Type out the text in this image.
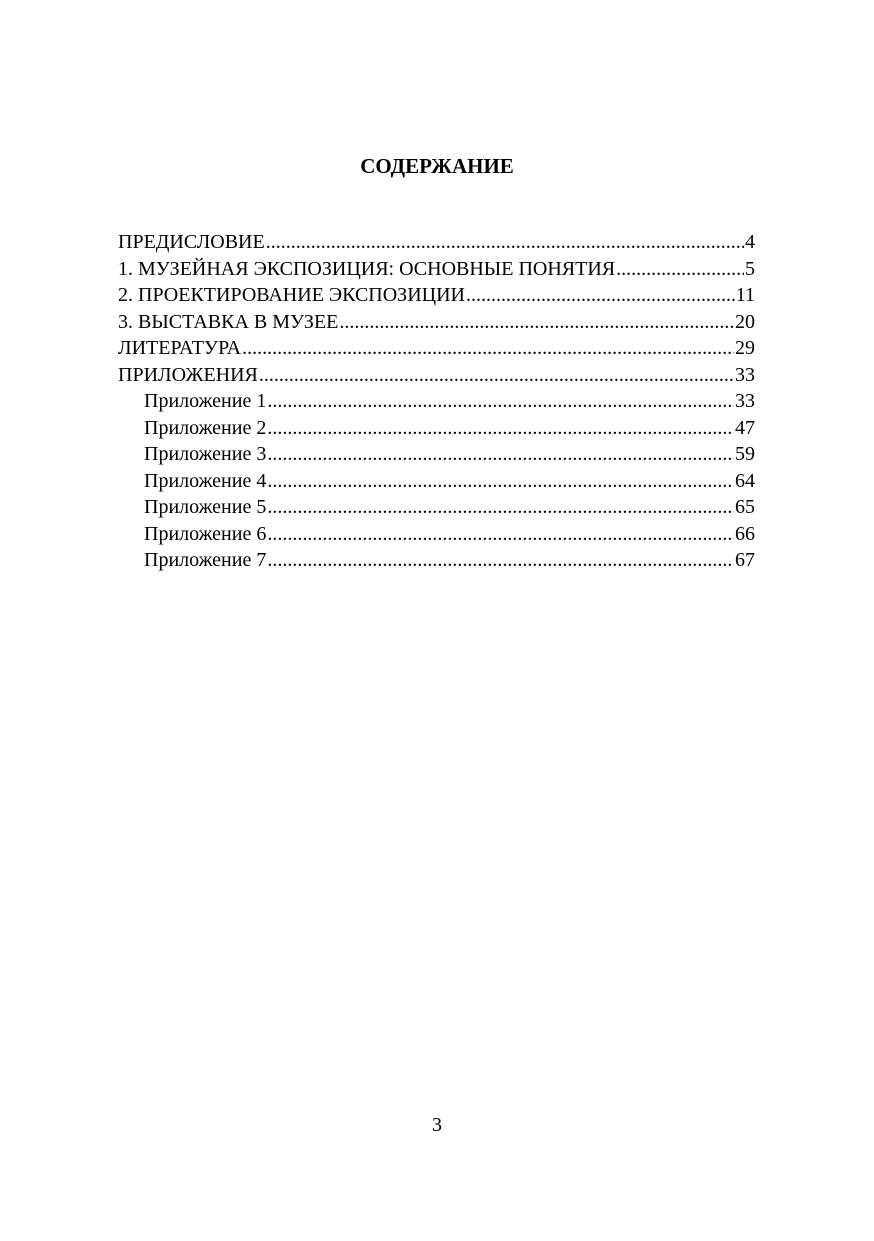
СОДЕРЖАНИЕ
ПРЕДИСЛОВИЕ .....	4
1. МУЗЕЙНАЯ ЭКСПОЗИЦИЯ: ОСНОВНЫЕ ПОНЯТИЯ .....	5
2. ПРОЕКТИРОВАНИЕ ЭКСПОЗИЦИИ .....	11
3. ВЫСТАВКА В МУЗЕЕ .....	20
ЛИТЕРАТУРА .....	29
ПРИЛОЖЕНИЯ .....	33
Приложение 1 .....	33
Приложение 2 .....	47
Приложение 3 .....	59
Приложение 4 .....	64
Приложение 5 .....	65
Приложение 6 .....	66
Приложение 7 .....	67
3
